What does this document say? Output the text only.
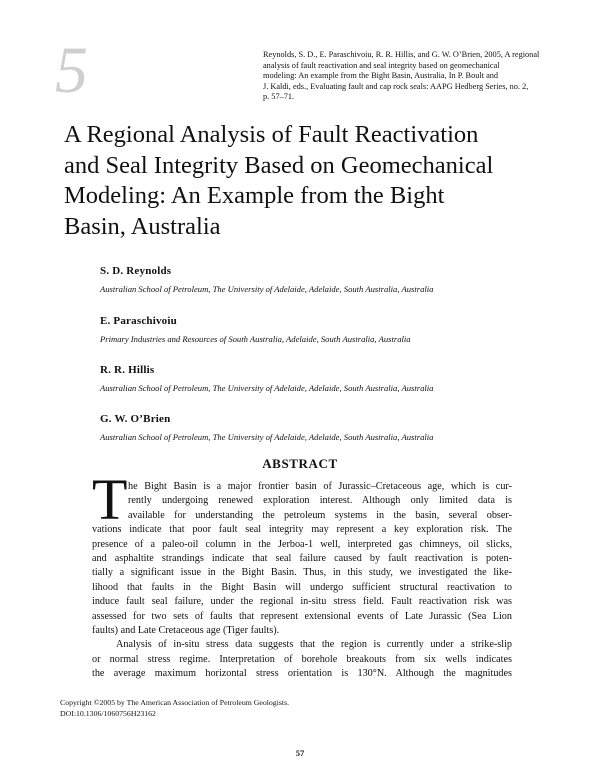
5	Reynolds, S. D., E. Paraschivoiu, R. R. Hillis, and G. W. O’Brien, 2005, A regional
analysis of fault reactivation and seal integrity based on geomechanical
modeling: An example from the Bight Basin, Australia, In P. Boult and
J. Kaldi, eds., Evaluating fault and cap rock seals: AAPG Hedberg Series, no. 2,
p. 57–71.
A Regional Analysis of Fault Reactivation
and Seal Integrity Based on Geomechanical
Modeling: An Example from the Bight
Basin, Australia
S. D. Reynolds
Australian School of Petroleum, The University of Adelaide, Adelaide, South Australia, Australia
E. Paraschivoiu
Primary Industries and Resources of South Australia, Adelaide, South Australia, Australia
R. R. Hillis
Australian School of Petroleum, The University of Adelaide, Adelaide, South Australia, Australia
G. W. O’Brien
Australian School of Petroleum, The University of Adelaide, Adelaide, South Australia, Australia
ABSTRACT
T he Bight Basin is a major frontier basin of Jurassic–Cretaceous age, which is cur-
rently undergoing renewed exploration interest. Although only limited data is
available for understanding the petroleum systems in the basin, several obser-
vations indicate that poor fault seal integrity may represent a key exploration risk. The
presence of a paleo-oil column in the Jerboa-1 well, interpreted gas chimneys, oil slicks,
and asphaltite strandings indicate that seal failure caused by fault reactivation is poten-
tially a significant issue in the Bight Basin. Thus, in this study, we investigated the like-
lihood that faults in the Bight Basin will undergo sufficient structural reactivation to
induce fault seal failure, under the regional in-situ stress field. Fault reactivation risk was
assessed for two sets of faults that represent extensional events of Late Jurassic (Sea Lion
faults) and Late Cretaceous age (Tiger faults).
Analysis of in-situ stress data suggests that the region is currently under a strike-slip
or normal stress regime. Interpretation of borehole breakouts from six wells indicates
the average maximum horizontal stress orientation is 130°N. Although the magnitudes
Copyright ©2005 by The American Association of Petroleum Geologists.
DOI:10.1306/1060756H23162
57
